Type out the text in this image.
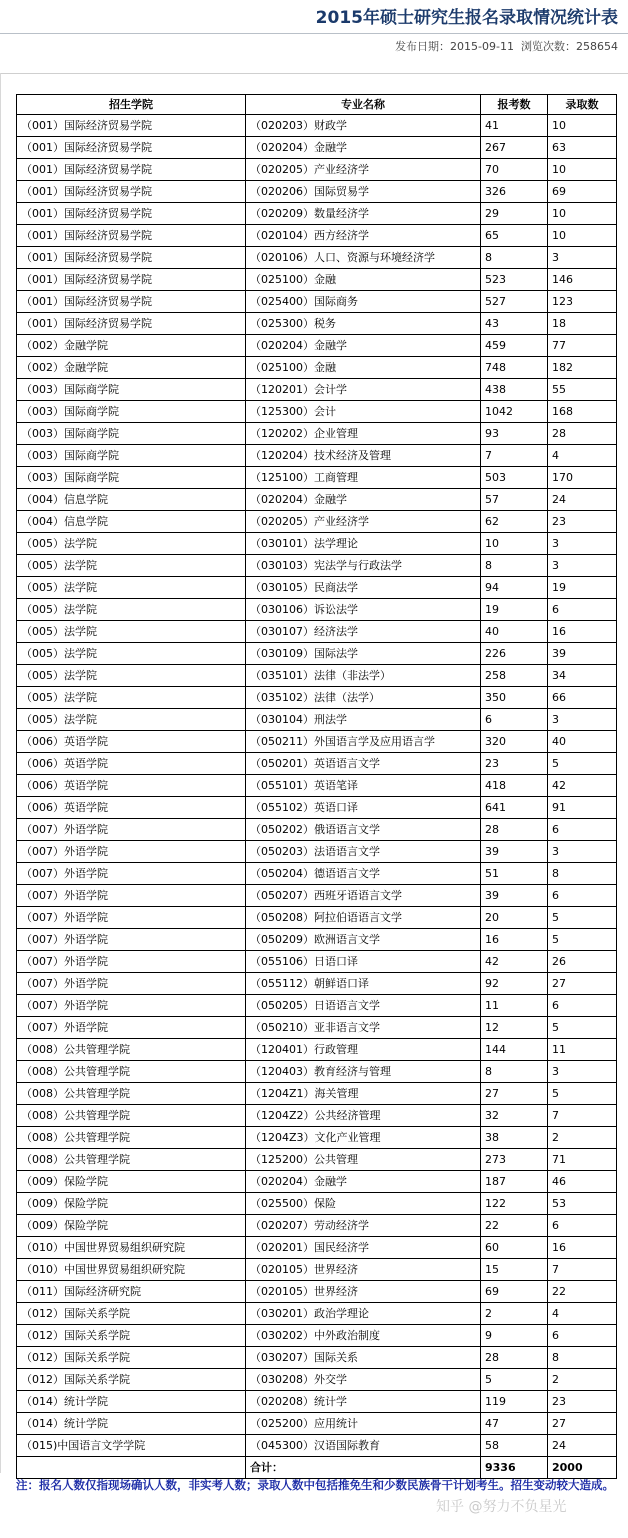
2015年硕士研究生报名录取情况统计表
发布日期：2015-09-11 浏览次数：258654
招生学院	专业名称	报考数	录取数
（001）国际经济贸易学院	（020203）财政学	41	10
（001）国际经济贸易学院	（020204）金融学	267	63
（001）国际经济贸易学院	（020205）产业经济学	70	10
（001）国际经济贸易学院	（020206）国际贸易学	326	69
（001）国际经济贸易学院	（020209）数量经济学	29	10
（001）国际经济贸易学院	（020104）西方经济学	65	10
（001）国际经济贸易学院	（020106）人口、资源与环境经济学	8	3
（001）国际经济贸易学院	（025100）金融	523	146
（001）国际经济贸易学院	（025400）国际商务	527	123
（001）国际经济贸易学院	（025300）税务	43	18
（002）金融学院	（020204）金融学	459	77
（002）金融学院	（025100）金融	748	182
（003）国际商学院	（120201）会计学	438	55
（003）国际商学院	（125300）会计	1042	168
（003）国际商学院	（120202）企业管理	93	28
（003）国际商学院	（120204）技术经济及管理	7	4
（003）国际商学院	（125100）工商管理	503	170
（004）信息学院	（020204）金融学	57	24
（004）信息学院	（020205）产业经济学	62	23
（005）法学院	（030101）法学理论	10	3
（005）法学院	（030103）宪法学与行政法学	8	3
（005）法学院	（030105）民商法学	94	19
（005）法学院	（030106）诉讼法学	19	6
（005）法学院	（030107）经济法学	40	16
（005）法学院	（030109）国际法学	226	39
（005）法学院	（035101）法律（非法学）	258	34
（005）法学院	（035102）法律（法学）	350	66
（005）法学院	（030104）刑法学	6	3
（006）英语学院	（050211）外国语言学及应用语言学	320	40
（006）英语学院	（050201）英语语言文学	23	5
（006）英语学院	（055101）英语笔译	418	42
（006）英语学院	（055102）英语口译	641	91
（007）外语学院	（050202）俄语语言文学	28	6
（007）外语学院	（050203）法语语言文学	39	3
（007）外语学院	（050204）德语语言文学	51	8
（007）外语学院	（050207）西班牙语语言文学	39	6
（007）外语学院	（050208）阿拉伯语语言文学	20	5
（007）外语学院	（050209）欧洲语言文学	16	5
（007）外语学院	（055106）日语口译	42	26
（007）外语学院	（055112）朝鲜语口译	92	27
（007）外语学院	（050205）日语语言文学	11	6
（007）外语学院	（050210）亚非语言文学	12	5
（008）公共管理学院	（120401）行政管理	144	11
（008）公共管理学院	（120403）教育经济与管理	8	3
（008）公共管理学院	（1204Z1）海关管理	27	5
（008）公共管理学院	（1204Z2）公共经济管理	32	7
（008）公共管理学院	（1204Z3）文化产业管理	38	2
（008）公共管理学院	（125200）公共管理	273	71
（009）保险学院	（020204）金融学	187	46
（009）保险学院	（025500）保险	122	53
（009）保险学院	（020207）劳动经济学	22	6
（010）中国世界贸易组织研究院	（020201）国民经济学	60	16
（010）中国世界贸易组织研究院	（020105）世界经济	15	7
（011）国际经济研究院	（020105）世界经济	69	22
（012）国际关系学院	（030201）政治学理论	2	4
（012）国际关系学院	（030202）中外政治制度	9	6
（012）国际关系学院	（030207）国际关系	28	8
（012）国际关系学院	（030208）外交学	5	2
（014）统计学院	（020208）统计学	119	23
（014）统计学院	（025200）应用统计	47	27
（015)中国语言文学学院	（045300）汉语国际教育	58	24
	合计：	9336	2000
注：报名人数仅指现场确认人数，非实考人数；录取人数中包括推免生和少数民族骨干计划考生。招生变动较大造成。
知乎 @努力不负星光
